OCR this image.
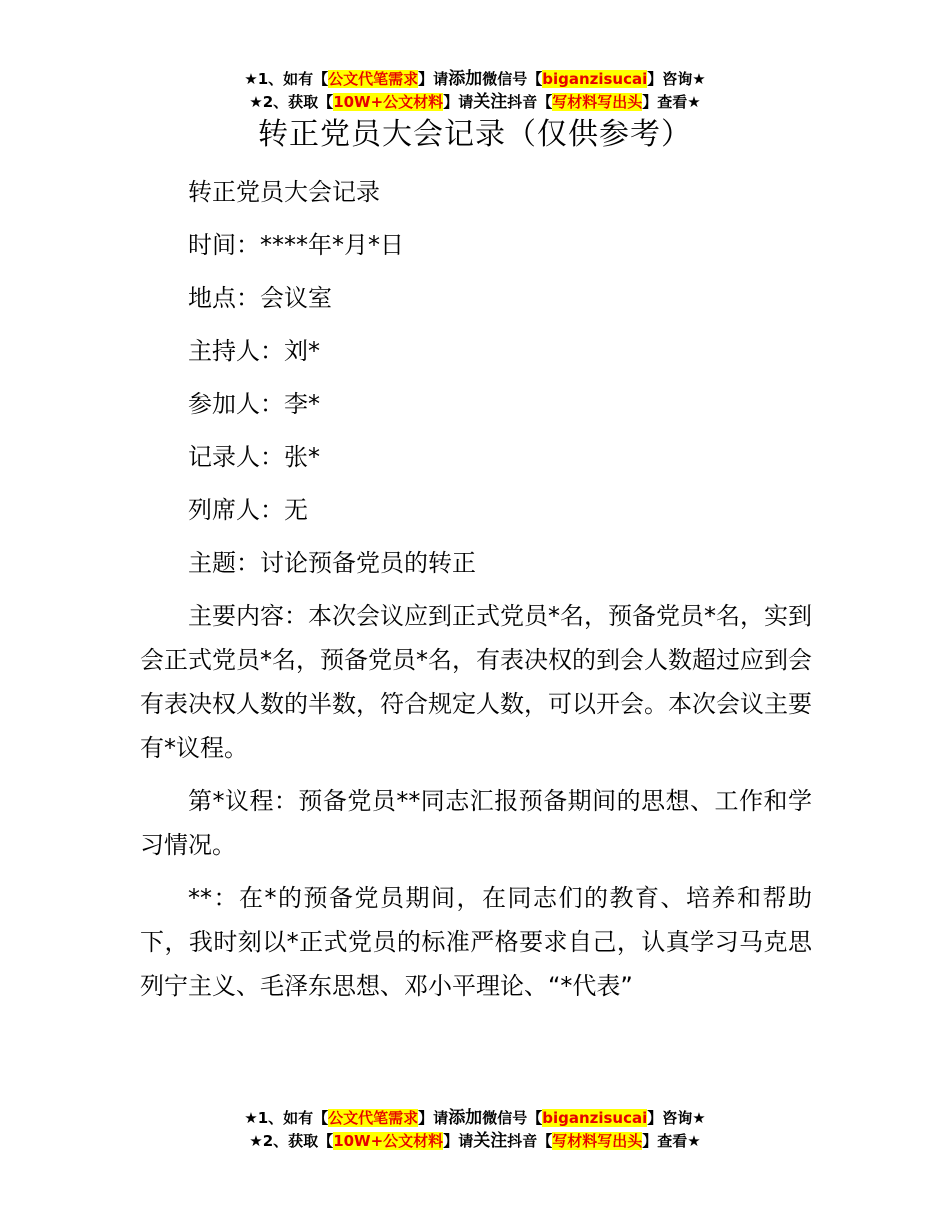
★1、如有【公文代笔需求】请添加微信号【biganzisucai】咨询★
★2、获取【10W+公文材料】请关注抖音【写材料写出头】查看★
转正党员大会记录（仅供参考）

转正党员大会记录

时间：****年*月*日

地点：会议室

主持人：刘*

参加人：李*

记录人：张*

列席人：无

主题：讨论预备党员的转正

主要内容：本次会议应到正式党员*名，预备党员*名，实到会正式党员*名，预备党员*名，有表决权的到会人数超过应到会有表决权人数的半数，符合规定人数，可以开会。本次会议主要有*议程。

第*议程：预备党员**同志汇报预备期间的思想、工作和学习情况。

**：在*的预备党员期间，在同志们的教育、培养和帮助下，我时刻以*正式党员的标准严格要求自己，认真学习马克思列宁主义、毛泽东思想、邓小平理论、“*代表”

★1、如有【公文代笔需求】请添加微信号【biganzisucai】咨询★
★2、获取【10W+公文材料】请关注抖音【写材料写出头】查看★
